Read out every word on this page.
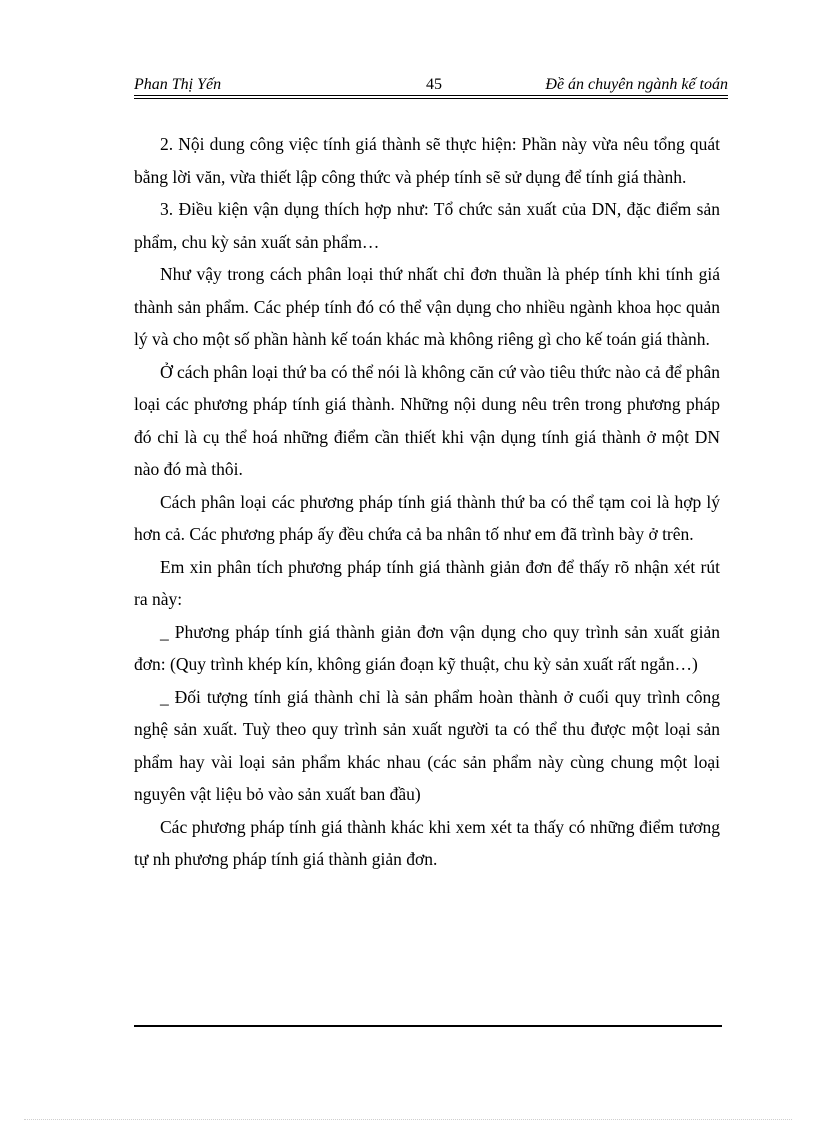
Phan Thị Yến	45	Đề án chuyên ngành kế toán

2. Nội dung công việc tính giá thành sẽ thực hiện: Phần này vừa nêu tổng quát bằng lời văn, vừa thiết lập công thức và phép tính sẽ sử dụng để tính giá thành.

3. Điều kiện vận dụng thích hợp như: Tổ chức sản xuất của DN, đặc điểm sản phẩm, chu kỳ sản xuất sản phẩm…

Như vậy trong cách phân loại thứ nhất chỉ đơn thuần là phép tính khi tính giá thành sản phẩm. Các phép tính đó có thể vận dụng cho nhiều ngành khoa học quản lý và cho một số phần hành kế toán khác mà không riêng gì cho kế toán giá thành.

Ở cách phân loại thứ ba có thể nói là không căn cứ vào tiêu thức nào cả để phân loại các phương pháp tính giá thành. Những nội dung nêu trên trong phương pháp đó chỉ là cụ thể hoá những điểm cần thiết khi vận dụng tính giá thành ở một DN nào đó mà thôi.

Cách phân loại các phương pháp tính giá thành thứ ba có thể tạm coi là hợp lý hơn cả. Các phương pháp ấy đều chứa cả ba nhân tố như em đã trình bày ở trên.

Em xin phân tích phương pháp tính giá thành giản đơn để thấy rõ nhận xét rút ra này:

_ Phương pháp tính giá thành giản đơn vận dụng cho quy trình sản xuất giản đơn: (Quy trình khép kín, không gián đoạn kỹ thuật, chu kỳ sản xuất rất ngắn…)

_ Đối tượng tính giá thành chỉ là sản phẩm hoàn thành ở cuối quy trình công nghệ sản xuất. Tuỳ theo quy trình sản xuất người ta có thể thu được một loại sản phẩm hay vài loại sản phẩm khác nhau (các sản phẩm này cùng chung một loại nguyên vật liệu bỏ vào sản xuất ban đầu)

Các phương pháp tính giá thành khác khi xem xét ta thấy có những điểm tương tự nh phương pháp tính giá thành giản đơn.
